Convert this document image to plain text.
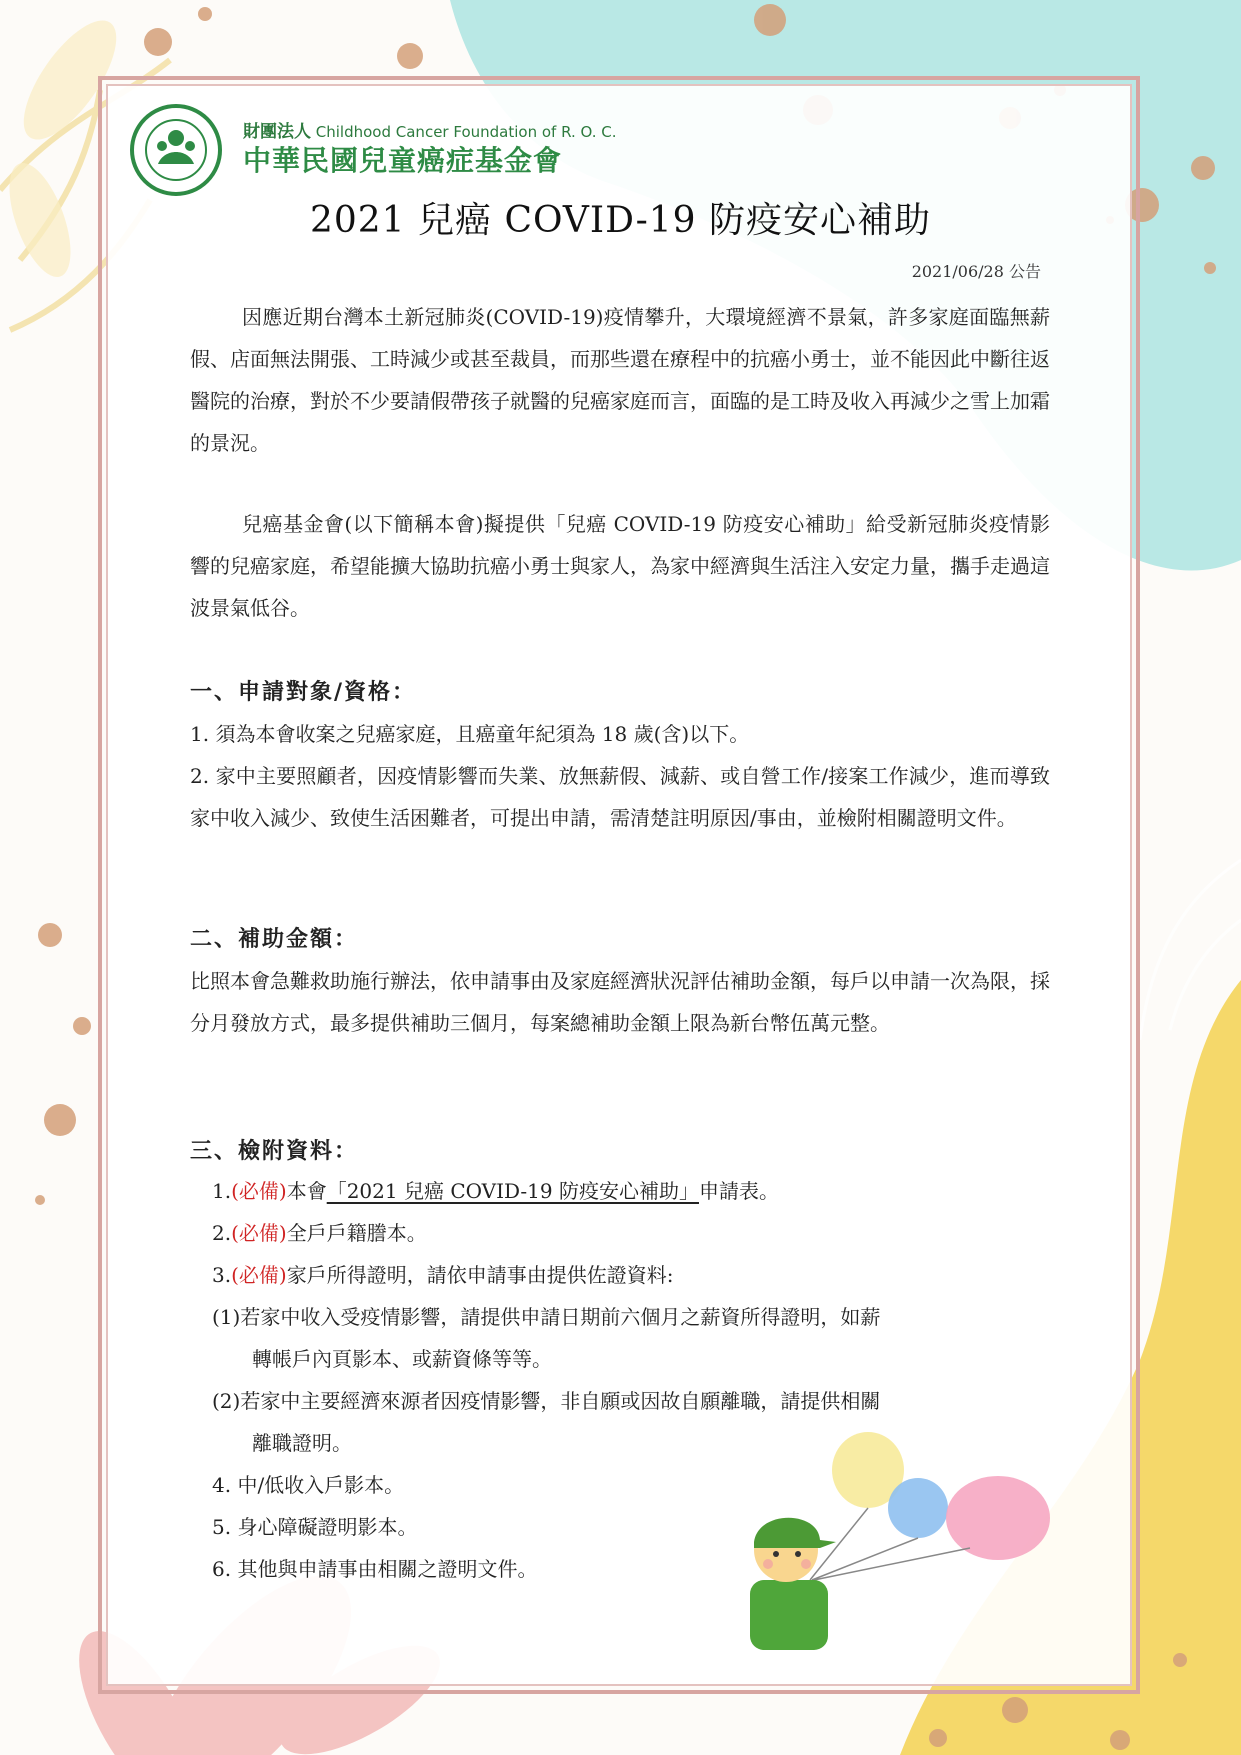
財團法人 Childhood Cancer Foundation of R. O. C.
中華民國兒童癌症基金會
2021 兒癌 COVID-19 防疫安心補助
2021/06/28 公告

因應近期台灣本土新冠肺炎(COVID-19)疫情攀升，大環境經濟不景氣，許多家庭面臨無薪假、店面無法開張、工時減少或甚至裁員，而那些還在療程中的抗癌小勇士，並不能因此中斷往返醫院的治療，對於不少要請假帶孩子就醫的兒癌家庭而言，面臨的是工時及收入再減少之雪上加霜的景況。

兒癌基金會(以下簡稱本會)擬提供「兒癌 COVID-19 防疫安心補助」給受新冠肺炎疫情影響的兒癌家庭，希望能擴大協助抗癌小勇士與家人，為家中經濟與生活注入安定力量，攜手走過這波景氣低谷。

一、申請對象/資格：

1. 須為本會收案之兒癌家庭，且癌童年紀須為 18 歲(含)以下。

2. 家中主要照顧者，因疫情影響而失業、放無薪假、減薪、或自營工作/接案工作減少，進而導致家中收入減少、致使生活困難者，可提出申請，需清楚註明原因/事由，並檢附相關證明文件。

二、補助金額：

比照本會急難救助施行辦法，依申請事由及家庭經濟狀況評估補助金額，每戶以申請一次為限，採分月發放方式，最多提供補助三個月，每案總補助金額上限為新台幣伍萬元整。

三、檢附資料：
1.(必備)本會「2021 兒癌 COVID-19 防疫安心補助」申請表。
2.(必備)全戶戶籍謄本。
3.(必備)家戶所得證明，請依申請事由提供佐證資料:
(1)若家中收入受疫情影響，請提供申請日期前六個月之薪資所得證明，如薪
轉帳戶內頁影本、或薪資條等等。
(2)若家中主要經濟來源者因疫情影響，非自願或因故自願離職，請提供相關
離職證明。
4. 中/低收入戶影本。
5. 身心障礙證明影本。
6. 其他與申請事由相關之證明文件。
